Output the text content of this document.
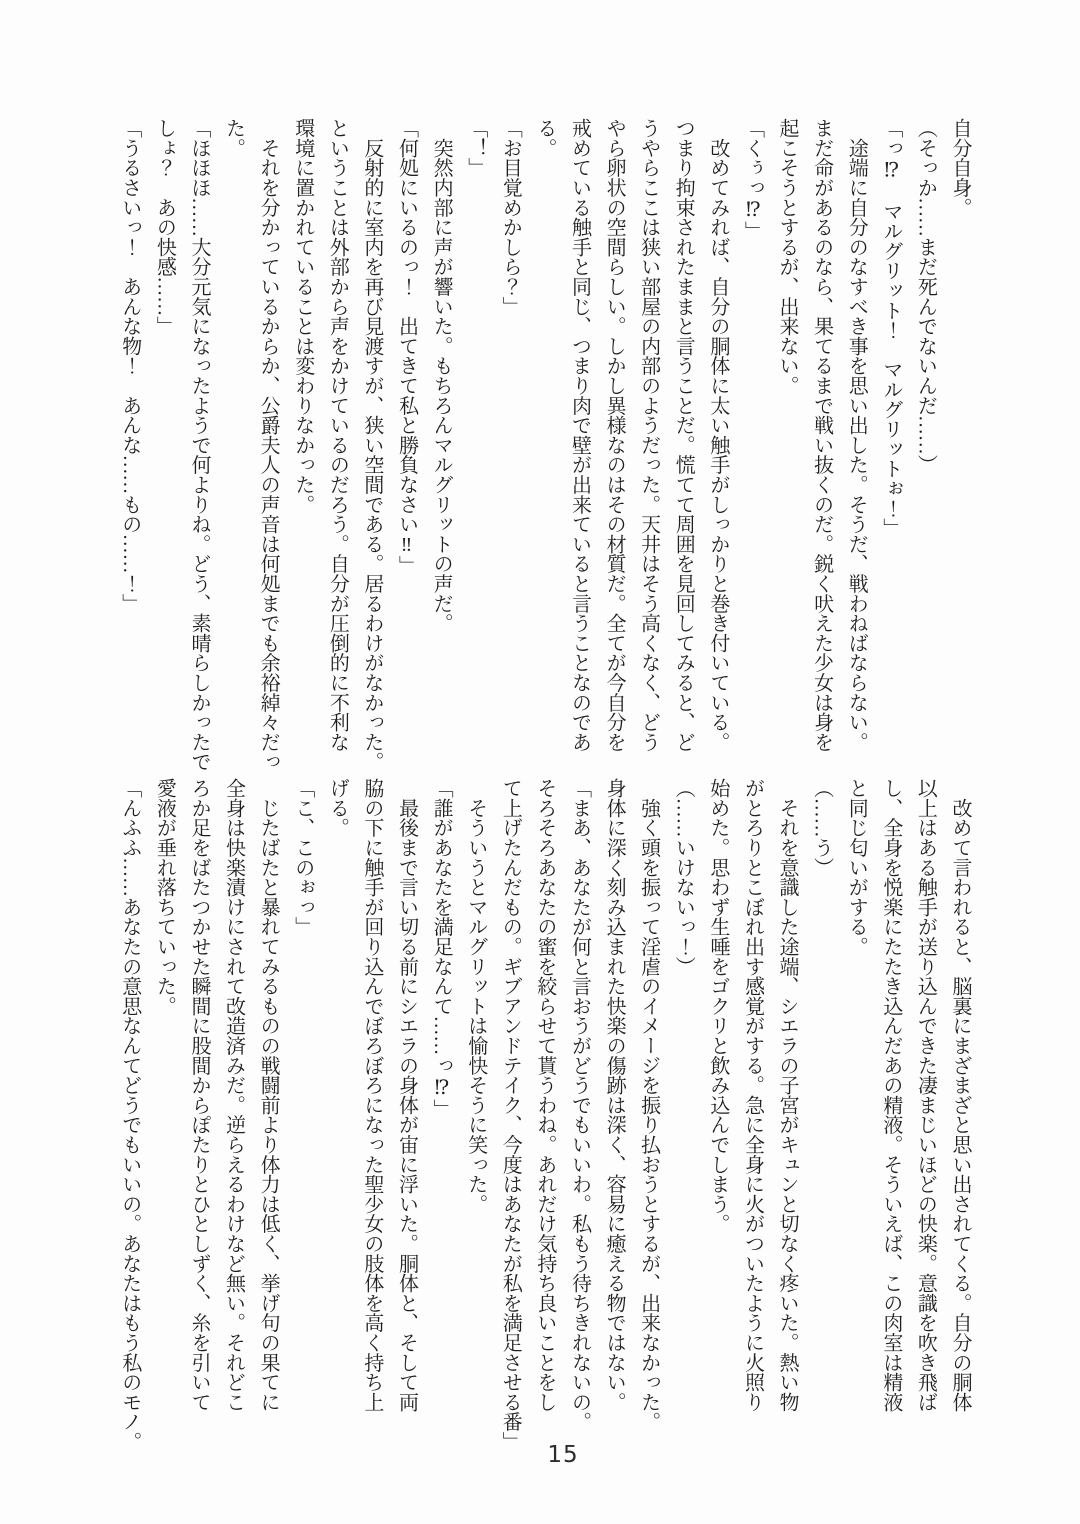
自分自身。
（そっか……まだ死んでないんだ……）
「っ⁉　マルグリット！　マルグリットぉ！」
　途端に自分のなすべき事を思い出した。そうだ、戦わねばならない。
まだ命があるのなら、果てるまで戦い抜くのだ。鋭く吠えた少女は身を
起こそうとするが、出来ない。
「くぅっ⁉」
　改めてみれば、自分の胴体に太い触手がしっかりと巻き付いている。
つまり拘束されたままと言うことだ。慌てて周囲を見回してみると、ど
うやらここは狭い部屋の内部のようだった。天井はそう高くなく、どう
やら卵状の空間らしい。しかし異様なのはその材質だ。全てが今自分を
戒めている触手と同じ、つまり肉で壁が出来ていると言うことなのであ
る。
「お目覚めかしら？」
「！」
　突然内部に声が響いた。もちろんマルグリットの声だ。
「何処にいるのっ！　出てきて私と勝負なさい‼」
　反射的に室内を再び見渡すが、狭い空間である。居るわけがなかった。
ということは外部から声をかけているのだろう。自分が圧倒的に不利な
環境に置かれていることは変わりなかった。
　それを分かっているからか、公爵夫人の声音は何処までも余裕綽々だっ
た。
「ほほほ……大分元気になったようで何よりね。どう、素晴らしかったで
しょ？　あの快感……」
「うるさいっ！　あんな物！　あんな……もの……！」
　改めて言われると、脳裏にまざまざと思い出されてくる。自分の胴体
以上はある触手が送り込んできた凄まじいほどの快楽。意識を吹き飛ば
し、全身を悦楽にたたき込んだあの精液。そういえば、この肉室は精液
と同じ匂いがする。
（……う）
　それを意識した途端、シエラの子宮がキュンと切なく疼いた。熱い物
がとろりとこぼれ出す感覚がする。急に全身に火がついたように火照り
始めた。思わず生唾をゴクリと飲み込んでしまう。
（……いけないっ！）
　強く頭を振って淫虐のイメージを振り払おうとするが、出来なかった。
身体に深く刻み込まれた快楽の傷跡は深く、容易に癒える物ではない。
「まあ、あなたが何と言おうがどうでもいいわ。私もう待ちきれないの。
そろそろあなたの蜜を絞らせて貰うわね。あれだけ気持ち良いことをし
て上げたんだもの。ギブアンドテイク、今度はあなたが私を満足させる番」
　そういうとマルグリットは愉快そうに笑った。
「誰があなたを満足なんて……っ⁉」
　最後まで言い切る前にシエラの身体が宙に浮いた。胴体と、そして両
脇の下に触手が回り込んでぼろぼろになった聖少女の肢体を高く持ち上
げる。
「こ、このぉっ」
　じたばたと暴れてみるものの戦闘前より体力は低く、挙げ句の果てに
全身は快楽漬けにされて改造済みだ。逆らえるわけなど無い。それどこ
ろか足をばたつかせた瞬間に股間からぽたりとひとしずく、糸を引いて
愛液が垂れ落ちていった。
「んふふ……あなたの意思なんてどうでもいいの。あなたはもう私のモノ。
15
